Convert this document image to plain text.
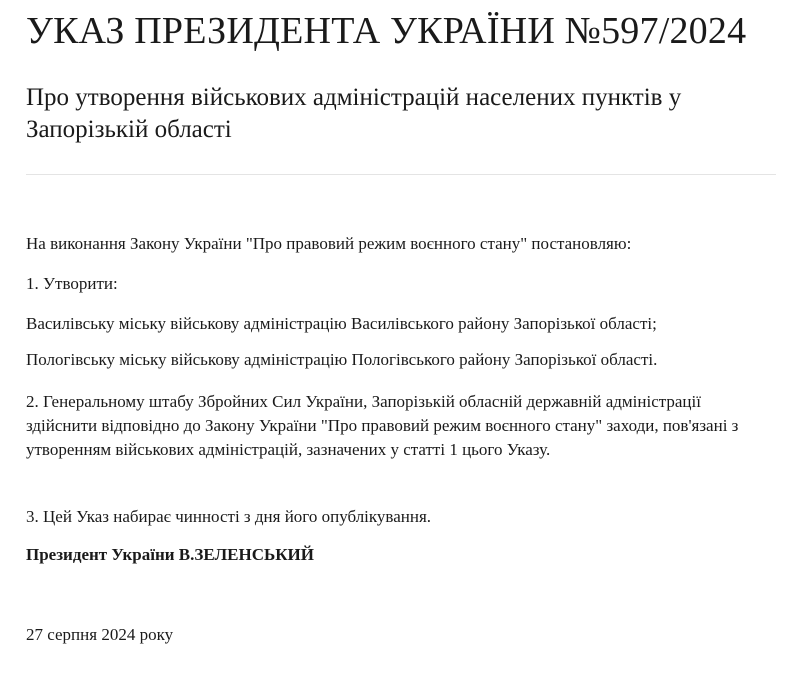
УКАЗ ПРЕЗИДЕНТА УКРАЇНИ №597/2024
Про утворення військових адміністрацій населених пунктів у Запорізькій області

На виконання Закону України "Про правовий режим воєнного стану" постановляю:

1. Утворити:

Василівську міську військову адміністрацію Василівського району Запорізької області;

Пологівську міську військову адміністрацію Пологівського району Запорізької області.

2. Генеральному штабу Збройних Сил України, Запорізькій обласній державній адміністрації здійснити відповідно до Закону України "Про правовий режим воєнного стану" заходи, пов'язані з утворенням військових адміністрацій, зазначених у статті 1 цього Указу.

3. Цей Указ набирає чинності з дня його опублікування.

Президент України В.ЗЕЛЕНСЬКИЙ

27 серпня 2024 року
